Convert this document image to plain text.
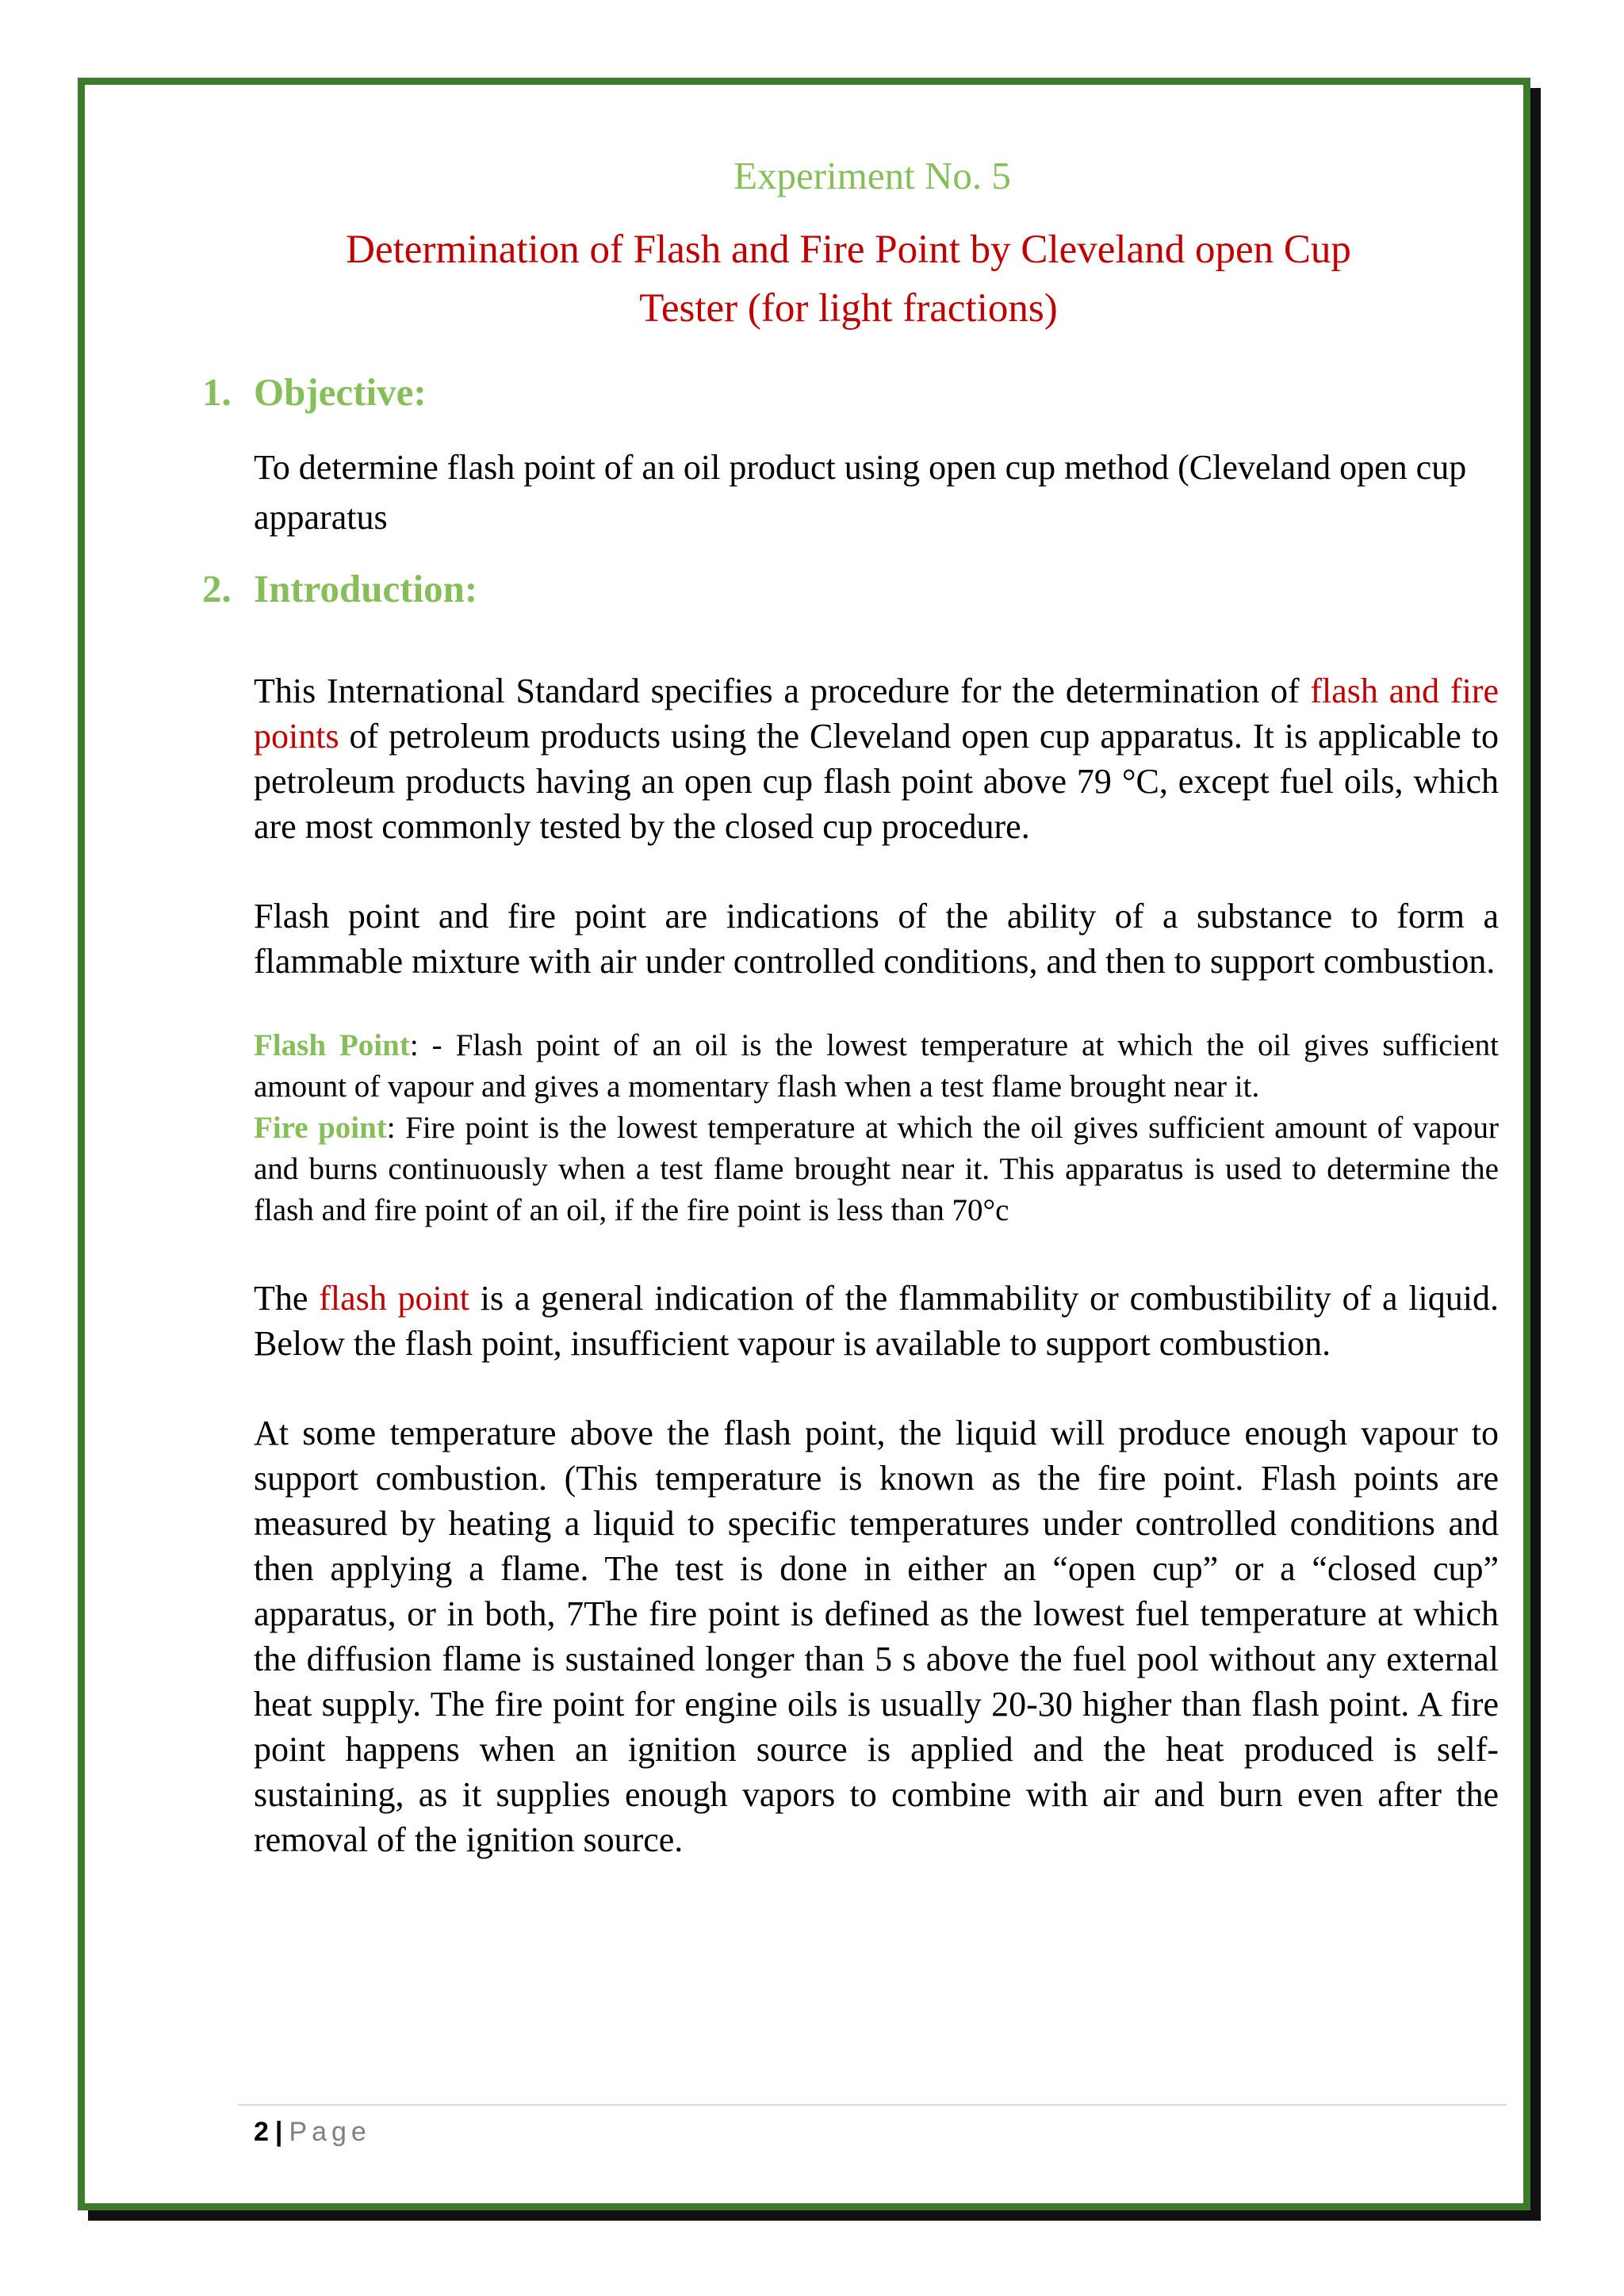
Experiment No. 5
Determination of Flash and Fire Point by Cleveland open Cup
Tester (for light fractions)
1. Objective:

To determine flash point of an oil product using open cup method (Cleveland open cup apparatus

2. Introduction:

This International Standard specifies a procedure for the determination of flash and fire points of petroleum products using the Cleveland open cup apparatus. It is applicable to petroleum products having an open cup flash point above 79 °C, except fuel oils, which are most commonly tested by the closed cup procedure.

Flash point and fire point are indications of the ability of a substance to form a flammable mixture with air under controlled conditions, and then to support combustion.

Flash Point: - Flash point of an oil is the lowest temperature at which the oil gives sufficient amount of vapour and gives a momentary flash when a test flame brought near it.

Fire point: Fire point is the lowest temperature at which the oil gives sufficient amount of vapour and burns continuously when a test flame brought near it. This apparatus is used to determine the flash and fire point of an oil, if the fire point is less than 70°c

The flash point is a general indication of the flammability or combustibility of a liquid. Below the flash point, insufficient vapour is available to support combustion.

At some temperature above the flash point, the liquid will produce enough vapour to support combustion. (This temperature is known as the fire point. Flash points are measured by heating a liquid to specific temperatures under controlled conditions and then applying a flame. The test is done in either an “open cup” or a “closed cup” apparatus, or in both, 7The fire point is defined as the lowest fuel temperature at which the diffusion flame is sustained longer than 5 s above the fuel pool without any external heat supply. The fire point for engine oils is usually 20-30 higher than flash point. A fire point happens when an ignition source is applied and the heat produced is self-sustaining, as it supplies enough vapors to combine with air and burn even after the removal of the ignition source.

2 | Page
